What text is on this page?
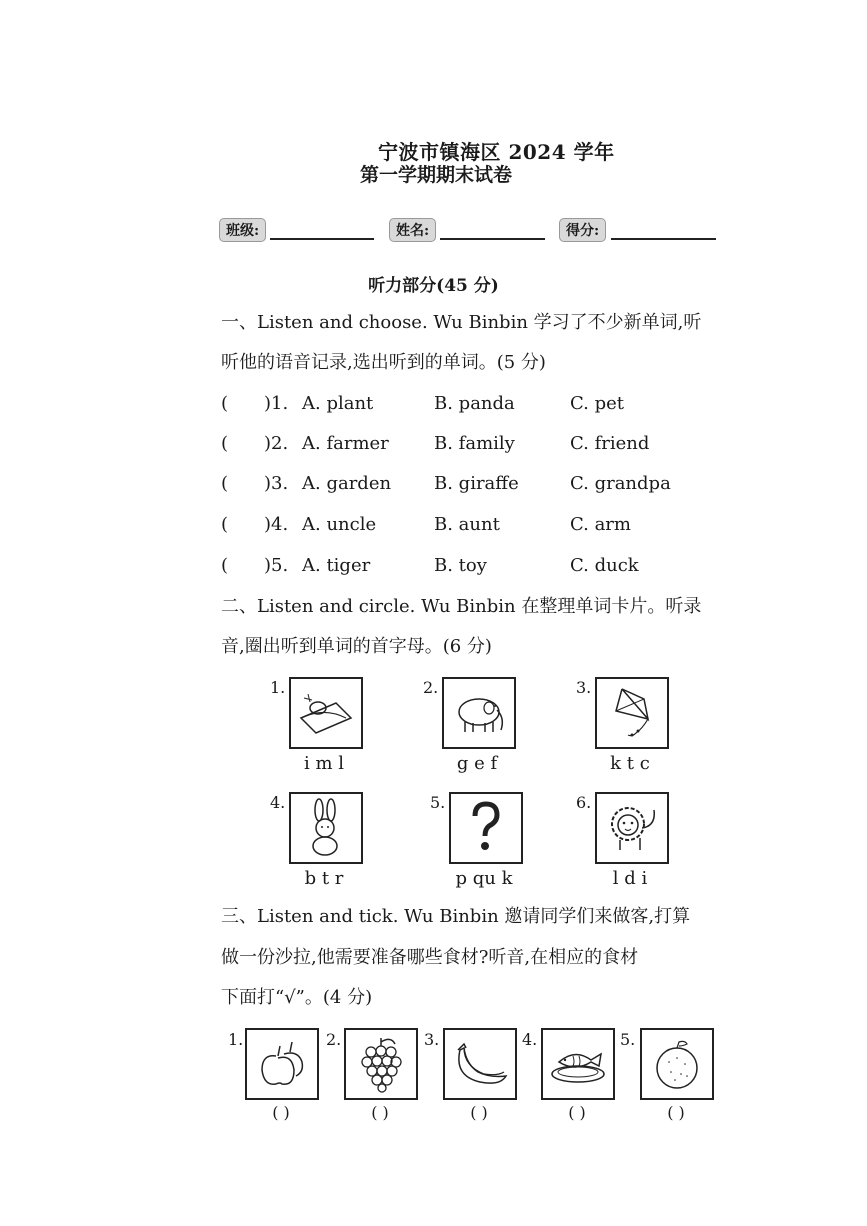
宁波市镇海区 2024 学年
第一学期期末试卷
班级:	姓名:	得分:
听力部分(45 分)
一、Listen and choose. Wu Binbin 学习了不少新单词,听
听他的语音记录,选出听到的单词。(5 分)
(　　)1. A. plant	B. panda	C. pet
(　　)2. A. farmer	B. family	C. friend
(　　)3. A. garden B. giraffe	C. grandpa
(　　)4. A. uncle	B. aunt	C. arm
(　　)5. A. tiger	B. toy	C. duck
二、Listen and circle. Wu Binbin 在整理单词卡片。听录
音,圈出听到单词的首字母。(6 分)
1.
i m l
2.
g e f
3.
k t c
4.
b t r
5.
p qu k
6.
l d i
三、Listen and tick. Wu Binbin 邀请同学们来做客,打算
做一份沙拉,他需要准备哪些食材?听音,在相应的食材
下面打“√”。(4 分)
1.
( )
2.
( )
3.
( )
4.
( )
5.
( )
